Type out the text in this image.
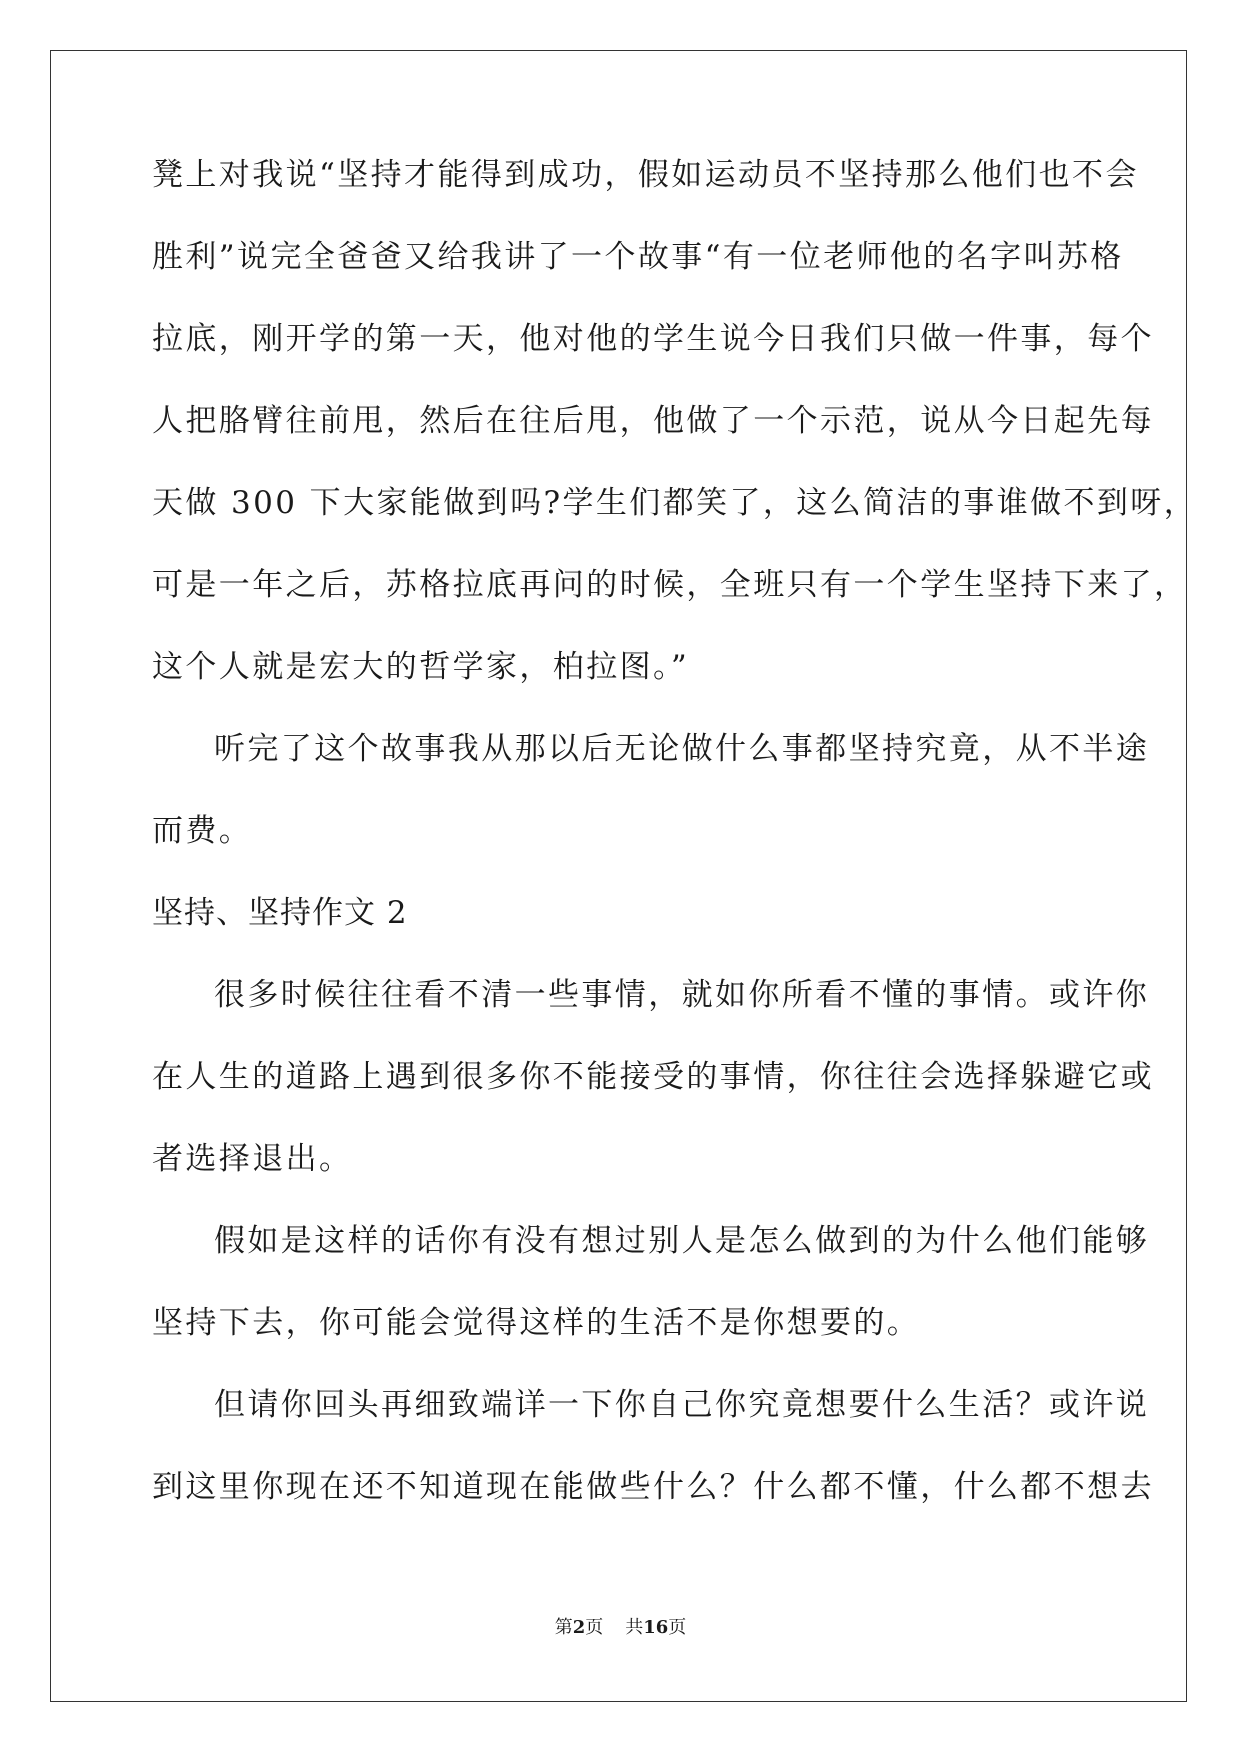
凳上对我说“坚持才能得到成功，假如运动员不坚持那么他们也不会
胜利”说完全爸爸又给我讲了一个故事“有一位老师他的名字叫苏格
拉底，刚开学的第一天，他对他的学生说今日我们只做一件事，每个
人把胳臂往前甩，然后在往后甩，他做了一个示范，说从今日起先每
天做 300 下大家能做到吗?学生们都笑了，这么简洁的事谁做不到呀，
可是一年之后，苏格拉底再问的时候，全班只有一个学生坚持下来了，
这个人就是宏大的哲学家，柏拉图。”
听完了这个故事我从那以后无论做什么事都坚持究竟，从不半途
而费。
坚持、坚持作文 2
很多时候往往看不清一些事情，就如你所看不懂的事情。或许你
在人生的道路上遇到很多你不能接受的事情，你往往会选择躲避它或
者选择退出。
假如是这样的话你有没有想过别人是怎么做到的为什么他们能够
坚持下去，你可能会觉得这样的生活不是你想要的。
但请你回头再细致端详一下你自己你究竟想要什么生活？或许说
到这里你现在还不知道现在能做些什么？什么都不懂，什么都不想去
第2页 共16页
